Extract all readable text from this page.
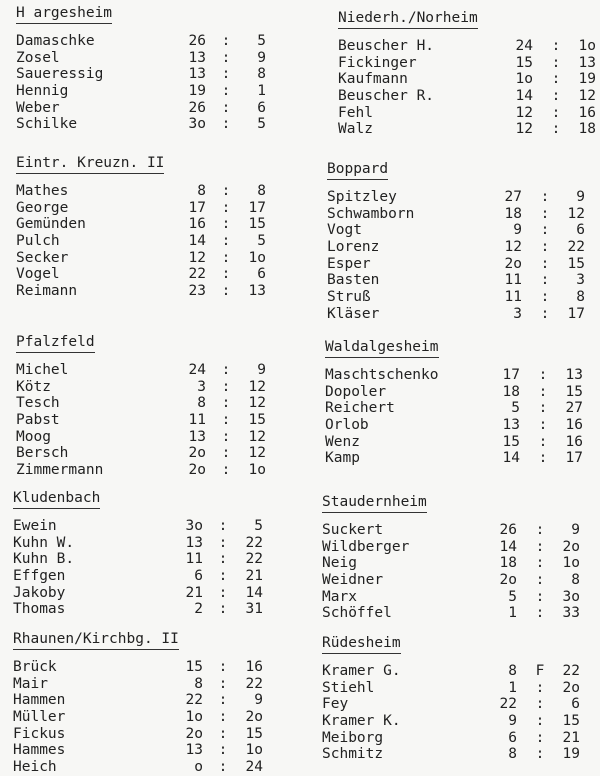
H argesheim
Damaschke	26 :	5
Zosel	13 :	9
Saueressig	13 :	8
Hennig	19 :	1
Weber	26 :	6
Schilke	3o :	5
Eintr. Kreuzn. II
Mathes	8 :	8
George	17 :	17
Gemünden	16 :	15
Pulch	14 :	5
Secker	12 :	1o
Vogel	22 :	6
Reimann	23 :	13
Pfalzfeld
Michel	24 :	9
Kötz	3 :	12
Tesch	8 :	12
Pabst	11 :	15
Moog	13 :	12
Bersch	2o :	12
Zimmermann	2o :	1o
Kludenbach
Ewein	3o :	5
Kuhn W.	13 :	22
Kuhn B.	11 :	22
Effgen	6 :	21
Jakoby	21 :	14
Thomas	2 :	31
Rhaunen/Kirchbg. II
Brück	15 :	16
Mair	8 :	22
Hammen	22 :	9
Müller	1o :	2o
Fickus	2o :	15
Hammes	13 :	1o
Heich	o :	24
Niederh./Norheim
Beuscher H.	24 :	1o
Fickinger	15 :	13
Kaufmann	1o :	19
Beuscher R.	14 :	12
Fehl	12 :	16
Walz	12 :	18
Boppard
Spitzley	27 :	9
Schwamborn	18 :	12
Vogt	9 :	6
Lorenz	12 :	22
Esper	2o :	15
Basten	11 :	3
Struß	11 :	8
Kläser	3 :	17
Waldalgesheim
Maschtschenko	17 :	13
Dopoler	18 :	15
Reichert	5 :	27
Orlob	13 :	16
Wenz	15 :	16
Kamp	14 :	17
Staudernheim
Suckert	26 :	9
Wildberger	14 :	2o
Neig	18 :	1o
Weidner	2o :	8
Marx	5 :	3o
Schöffel	1 :	33
Rüdesheim
Kramer G.	8 F	22
Stiehl	1 :	2o
Fey	22 :	6
Kramer K.	9 :	15
Meiborg	6 :	21
Schmitz	8 :	19
